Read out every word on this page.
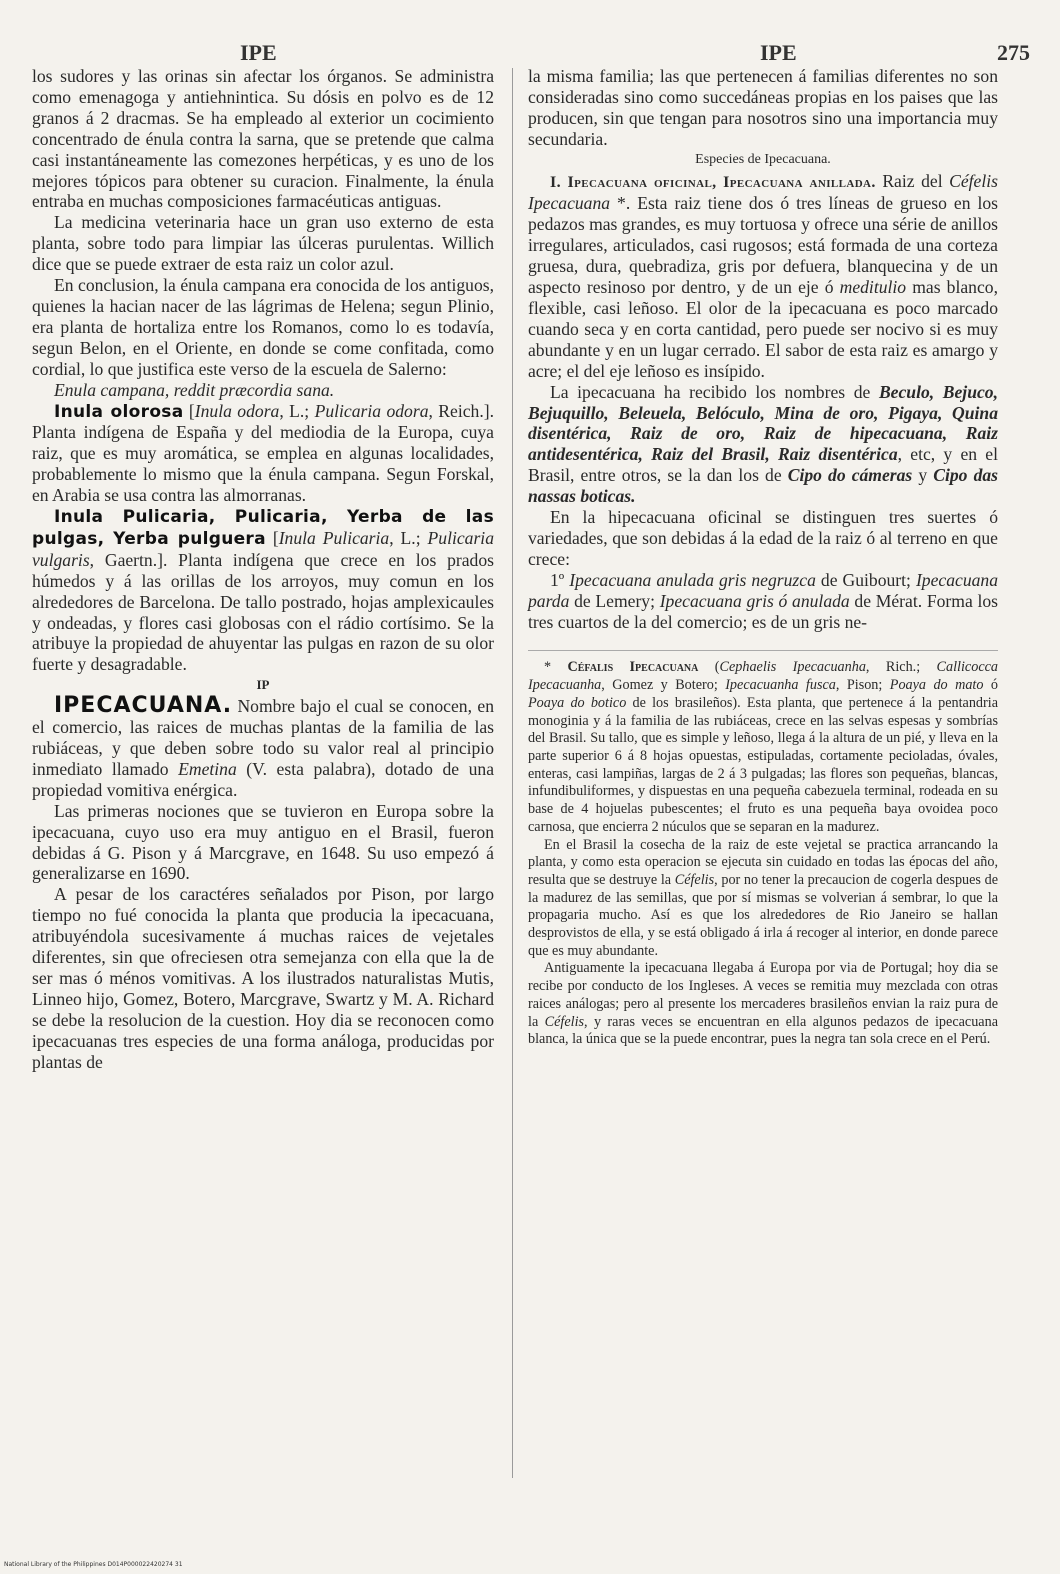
IPE	IPE	275

los sudores y las orinas sin afectar los órganos. Se administra como emenagoga y antiehnintica. Su dósis en polvo es de 12 granos á 2 dracmas. Se ha empleado al exterior un cocimiento concentrado de énula contra la sarna, que se pretende que calma casi instantáneamente las comezones herpéticas, y es uno de los mejores tópicos para obtener su curacion. Finalmente, la énula entraba en muchas composiciones farmacéuticas antiguas.

La medicina veterinaria hace un gran uso externo de esta planta, sobre todo para limpiar las úlceras purulentas. Willich dice que se puede extraer de esta raiz un color azul.

En conclusion, la énula campana era conocida de los antiguos, quienes la hacian nacer de las lágrimas de Helena; segun Plinio, era planta de hortaliza entre los Romanos, como lo es todavía, segun Belon, en el Oriente, en donde se come confitada, como cordial, lo que justifica este verso de la escuela de Salerno:

Enula campana, reddit præcordia sana.

Inula olorosa [Inula odora, L.; Pulicaria odora, Reich.]. Planta indígena de España y del mediodia de la Europa, cuya raiz, que es muy aromática, se emplea en algunas localidades, probablemente lo mismo que la énula campana. Segun Forskal, en Arabia se usa contra las almorranas.

Inula Pulicaria, Pulicaria, Yerba de las pulgas, Yerba pulguera [Inula Pulicaria, L.; Pulicaria vulgaris, Gaertn.]. Planta indígena que crece en los prados húmedos y á las orillas de los arroyos, muy comun en los alrededores de Barcelona. De tallo postrado, hojas amplexicaules y ondeadas, y flores casi globosas con el rádio cortísimo. Se la atribuye la propiedad de ahuyentar las pulgas en razon de su olor fuerte y desagradable.

IP

IPECACUANA. Nombre bajo el cual se conocen, en el comercio, las raices de muchas plantas de la familia de las rubiáceas, y que deben sobre todo su valor real al principio inmediato llamado Emetina (V. esta palabra), dotado de una propiedad vomitiva enérgica.

Las primeras nociones que se tuvieron en Europa sobre la ipecacuana, cuyo uso era muy antiguo en el Brasil, fueron debidas á G. Pison y á Marcgrave, en 1648. Su uso empezó á generalizarse en 1690.

A pesar de los caractéres señalados por Pison, por largo tiempo no fué conocida la planta que producia la ipecacuana, atribuyéndola sucesivamente á muchas raices de vejetales diferentes, sin que ofreciesen otra semejanza con ella que la de ser mas ó ménos vomitivas. A los ilustrados naturalistas Mutis, Linneo hijo, Gomez, Botero, Marcgrave, Swartz y M. A. Richard se debe la resolucion de la cuestion. Hoy dia se reconocen como ipecacuanas tres especies de una forma análoga, producidas por plantas de

la misma familia; las que pertenecen á familias diferentes no son consideradas sino como succedáneas propias en los paises que las producen, sin que tengan para nosotros sino una importancia muy secundaria.

Especies de Ipecacuana.

I. Ipecacuana oficinal, Ipecacuana anillada. Raiz del Céfelis Ipecacuana *. Esta raiz tiene dos ó tres líneas de grueso en los pedazos mas grandes, es muy tortuosa y ofrece una série de anillos irregulares, articulados, casi rugosos; está formada de una corteza gruesa, dura, quebradiza, gris por defuera, blanquecina y de un aspecto resinoso por dentro, y de un eje ó meditulio mas blanco, flexible, casi leñoso. El olor de la ipecacuana es poco marcado cuando seca y en corta cantidad, pero puede ser nocivo si es muy abundante y en un lugar cerrado. El sabor de esta raiz es amargo y acre; el del eje leñoso es insípido.

La ipecacuana ha recibido los nombres de Beculo, Bejuco, Bejuquillo, Beleuela, Belóculo, Mina de oro, Pigaya, Quina disentérica, Raiz de oro, Raiz de hipecacuana, Raiz antidesentérica, Raiz del Brasil, Raiz disentérica, etc, y en el Brasil, entre otros, se la dan los de Cipo do cámeras y Cipo das nassas boticas.

En la hipecacuana oficinal se distinguen tres suertes ó variedades, que son debidas á la edad de la raiz ó al terreno en que crece:

1º Ipecacuana anulada gris negruzca de Guibourt; Ipecacuana parda de Lemery; Ipecacuana gris ó anulada de Mérat. Forma los tres cuartos de la del comercio; es de un gris ne-

* Céfalis Ipecacuana (Cephaelis Ipecacuanha, Rich.; Callicocca Ipecacuanha, Gomez y Botero; Ipecacuanha fusca, Pison; Poaya do mato ó Poaya do botico de los brasileños). Esta planta, que pertenece á la pentandria monoginia y á la familia de las rubiáceas, crece en las selvas espesas y sombrías del Brasil. Su tallo, que es simple y leñoso, llega á la altura de un pié, y lleva en la parte superior 6 á 8 hojas opuestas, estipuladas, cortamente pecioladas, óvales, enteras, casi lampiñas, largas de 2 á 3 pulgadas; las flores son pequeñas, blancas, infundibuliformes, y dispuestas en una pequeña cabezuela terminal, rodeada en su base de 4 hojuelas pubescentes; el fruto es una pequeña baya ovoidea poco carnosa, que encierra 2 núculos que se separan en la madurez.

En el Brasil la cosecha de la raiz de este vejetal se practica arrancando la planta, y como esta operacion se ejecuta sin cuidado en todas las épocas del año, resulta que se destruye la Céfelis, por no tener la precaucion de cogerla despues de la madurez de las semillas, que por sí mismas se volverian á sembrar, lo que la propagaria mucho. Así es que los alrededores de Rio Janeiro se hallan desprovistos de ella, y se está obligado á irla á recoger al interior, en donde parece que es muy abundante.

Antiguamente la ipecacuana llegaba á Europa por via de Portugal; hoy dia se recibe por conducto de los Ingleses. A veces se remitia muy mezclada con otras raices análogas; pero al presente los mercaderes brasileños envian la raiz pura de la Céfelis, y raras veces se encuentran en ella algunos pedazos de ipecacuana blanca, la única que se la puede encontrar, pues la negra tan sola crece en el Perú.

National Library of the Philippines D014P000022420274 31
